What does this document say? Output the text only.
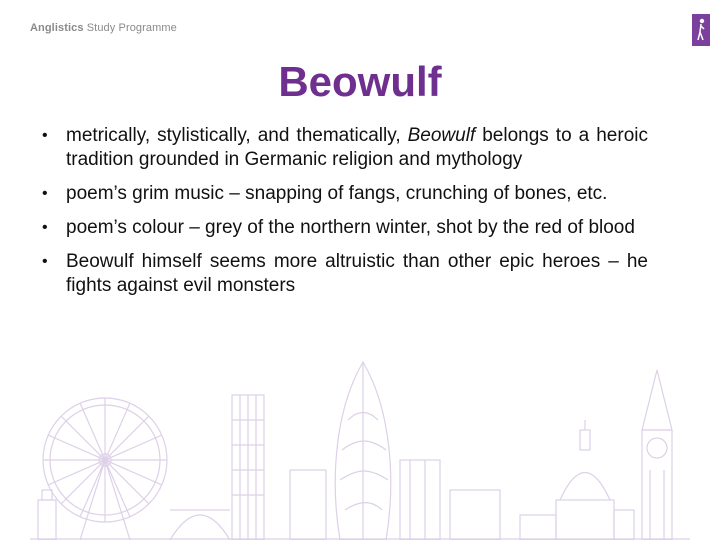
Anglistics Study Programme
Beowulf
• metrically, stylistically, and thematically, Beowulf belongs to a heroic tradition grounded in Germanic religion and mythology
• poem’s grim music – snapping of fangs, crunching of bones, etc.
• poem’s colour – grey of the northern winter, shot by the red of blood
• Beowulf himself seems more altruistic than other epic heroes – he fights against evil monsters
